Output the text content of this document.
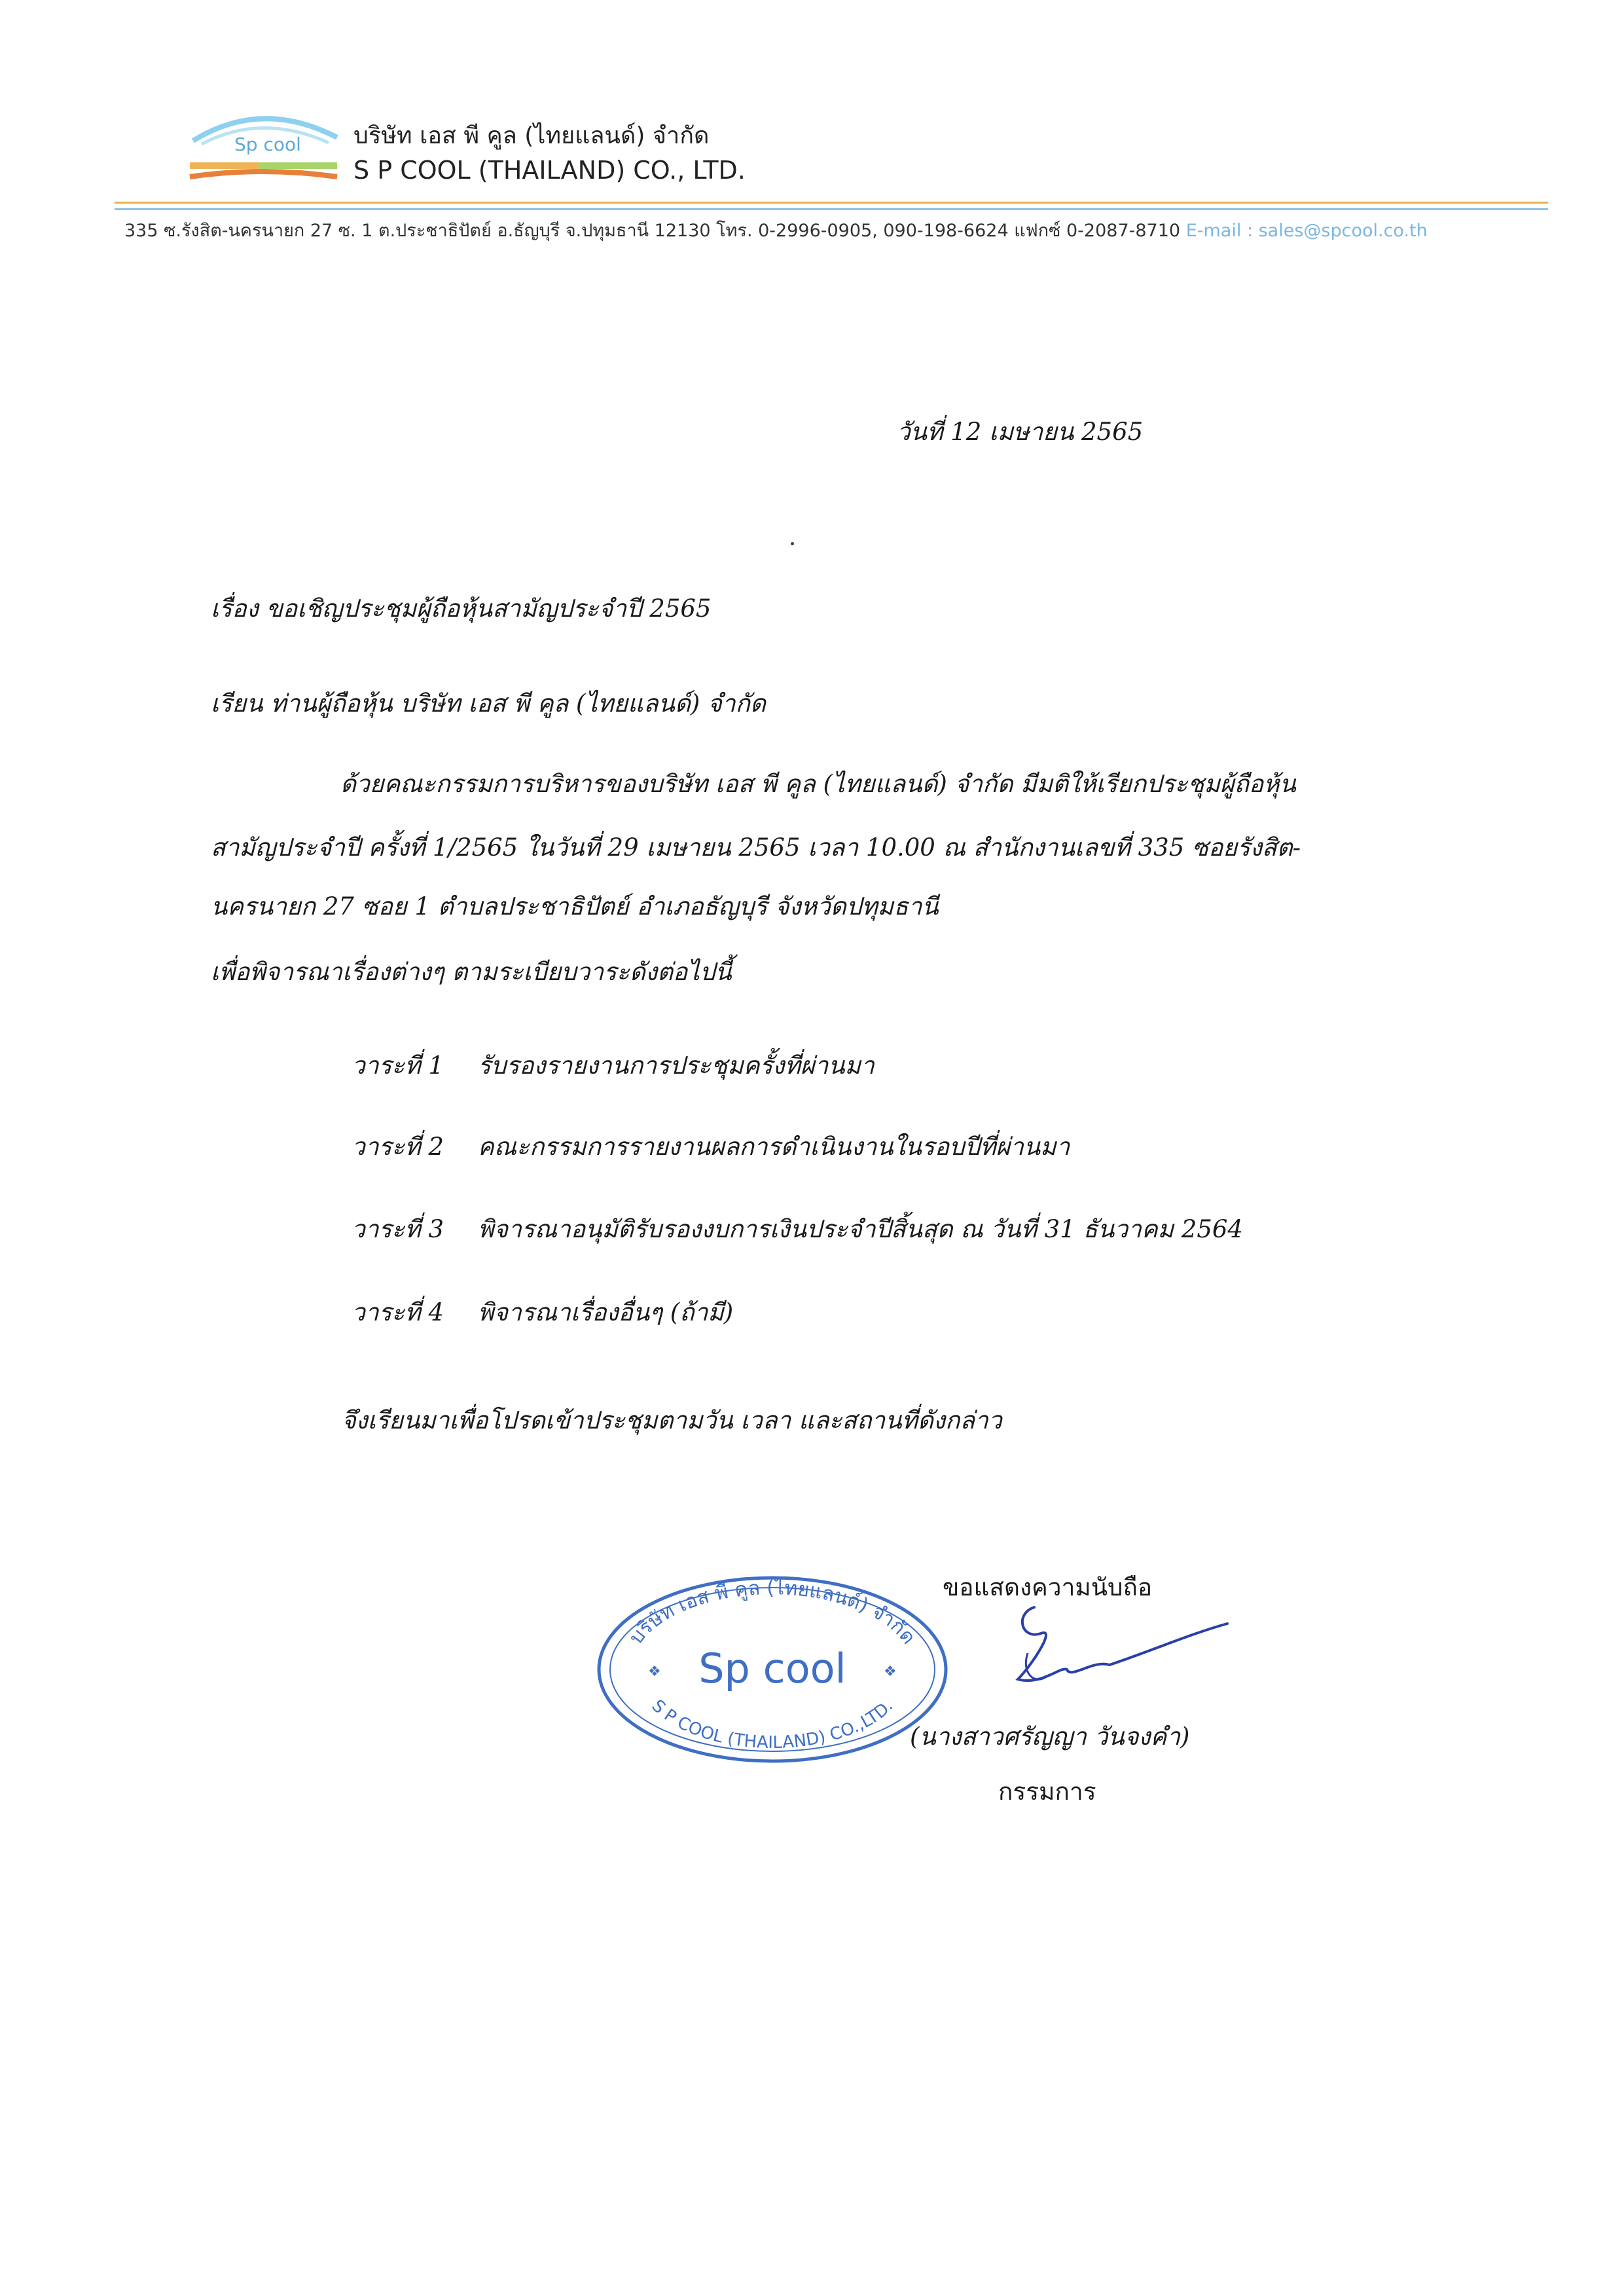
Sp cool บริษัท เอส พี คูล (ไทยแลนด์) จำกัด
S P COOL (THAILAND) CO., LTD.
335 ซ.รังสิต-นครนายก 27 ซ. 1 ต.ประชาธิปัตย์ อ.ธัญบุรี จ.ปทุมธานี 12130 โทร. 0-2996-0905, 090-198-6624 แฟกซ์ 0-2087-8710 E-mail : sales@spcool.co.th
วันที่ 12 เมษายน 2565
เรื่อง ขอเชิญประชุมผู้ถือหุ้นสามัญประจำปี 2565
เรียน ท่านผู้ถือหุ้น บริษัท เอส พี คูล (ไทยแลนด์) จำกัด
ด้วยคณะกรรมการบริหารของบริษัท เอส พี คูล (ไทยแลนด์) จำกัด มีมติให้เรียกประชุมผู้ถือหุ้น
สามัญประจำปี ครั้งที่ 1/2565 ในวันที่ 29 เมษายน 2565 เวลา 10.00 ณ สำนักงานเลขที่ 335 ซอยรังสิต-
นครนายก 27 ซอย 1 ตำบลประชาธิปัตย์ อำเภอธัญบุรี จังหวัดปทุมธานี
เพื่อพิจารณาเรื่องต่างๆ ตามระเบียบวาระดังต่อไปนี้
วาระที่ 1 รับรองรายงานการประชุมครั้งที่ผ่านมา
วาระที่ 2 คณะกรรมการรายงานผลการดำเนินงานในรอบปีที่ผ่านมา
วาระที่ 3 พิจารณาอนุมัติรับรองงบการเงินประจำปีสิ้นสุด ณ วันที่ 31 ธันวาคม 2564
วาระที่ 4 พิจารณาเรื่องอื่นๆ (ถ้ามี)
จึงเรียนมาเพื่อโปรดเข้าประชุมตามวัน เวลา และสถานที่ดังกล่าว
ขอแสดงความนับถือ
บริษัท เอส พี คูล (ไทยแลนด์) จำกัด
S P COOL (THAILAND) CO.,LTD.
Sp cool
❖	❖
(นางสาวศรัญญา วันจงคำ)
กรรมการ
